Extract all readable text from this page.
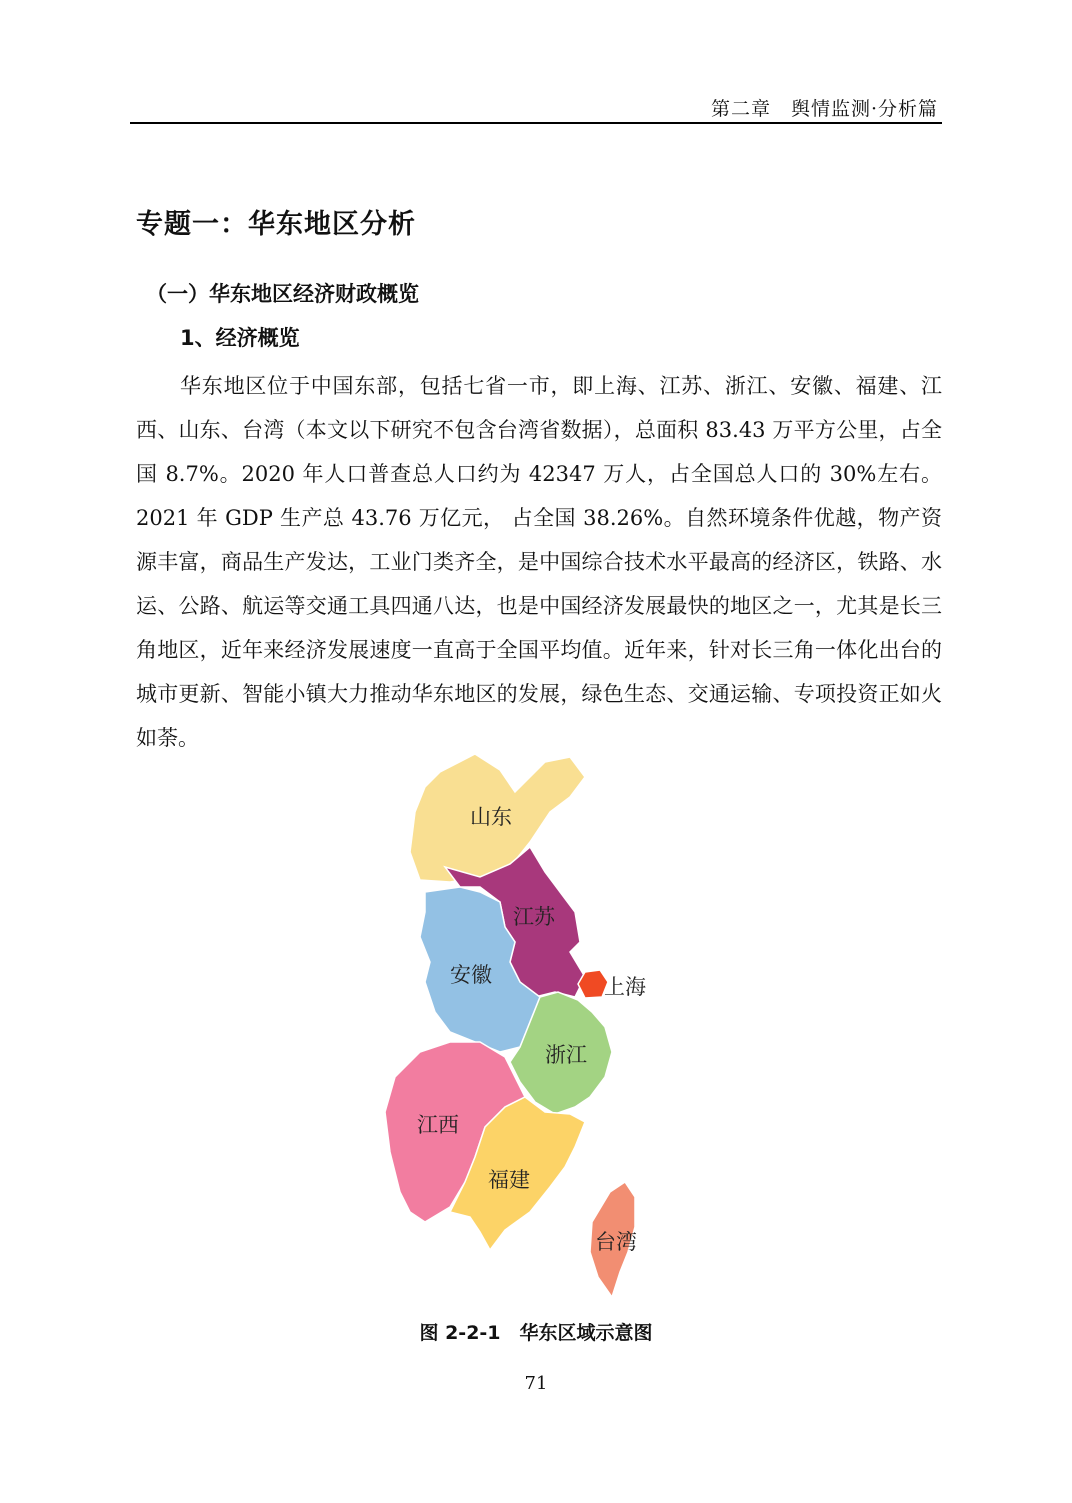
第二章　舆情监测·分析篇
专题一：华东地区分析
（一）华东地区经济财政概览
1、经济概览

华东地区位于中国东部，包括七省一市，即上海、江苏、浙江、安徽、福建、江西、山东、台湾（本文以下研究不包含台湾省数据），总面积 83.43 万平方公里，占全国 8.7%。2020 年人口普查总人口约为 42347 万人，占全国总人口的 30%左右。2021 年 GDP 生产总 43.76 万亿元， 占全国 38.26%。自然环境条件优越，物产资源丰富，商品生产发达，工业门类齐全，是中国综合技术水平最高的经济区，铁路、水运、公路、航运等交通工具四通八达，也是中国经济发展最快的地区之一，尤其是长三角地区，近年来经济发展速度一直高于全国平均值。近年来，针对长三角一体化出台的城市更新、智能小镇大力推动华东地区的发展，绿色生态、交通运输、专项投资正如火如荼。

山东
江苏
安徽	上海
浙江
江西
福建
台湾
图 2-2-1　华东区域示意图
71
